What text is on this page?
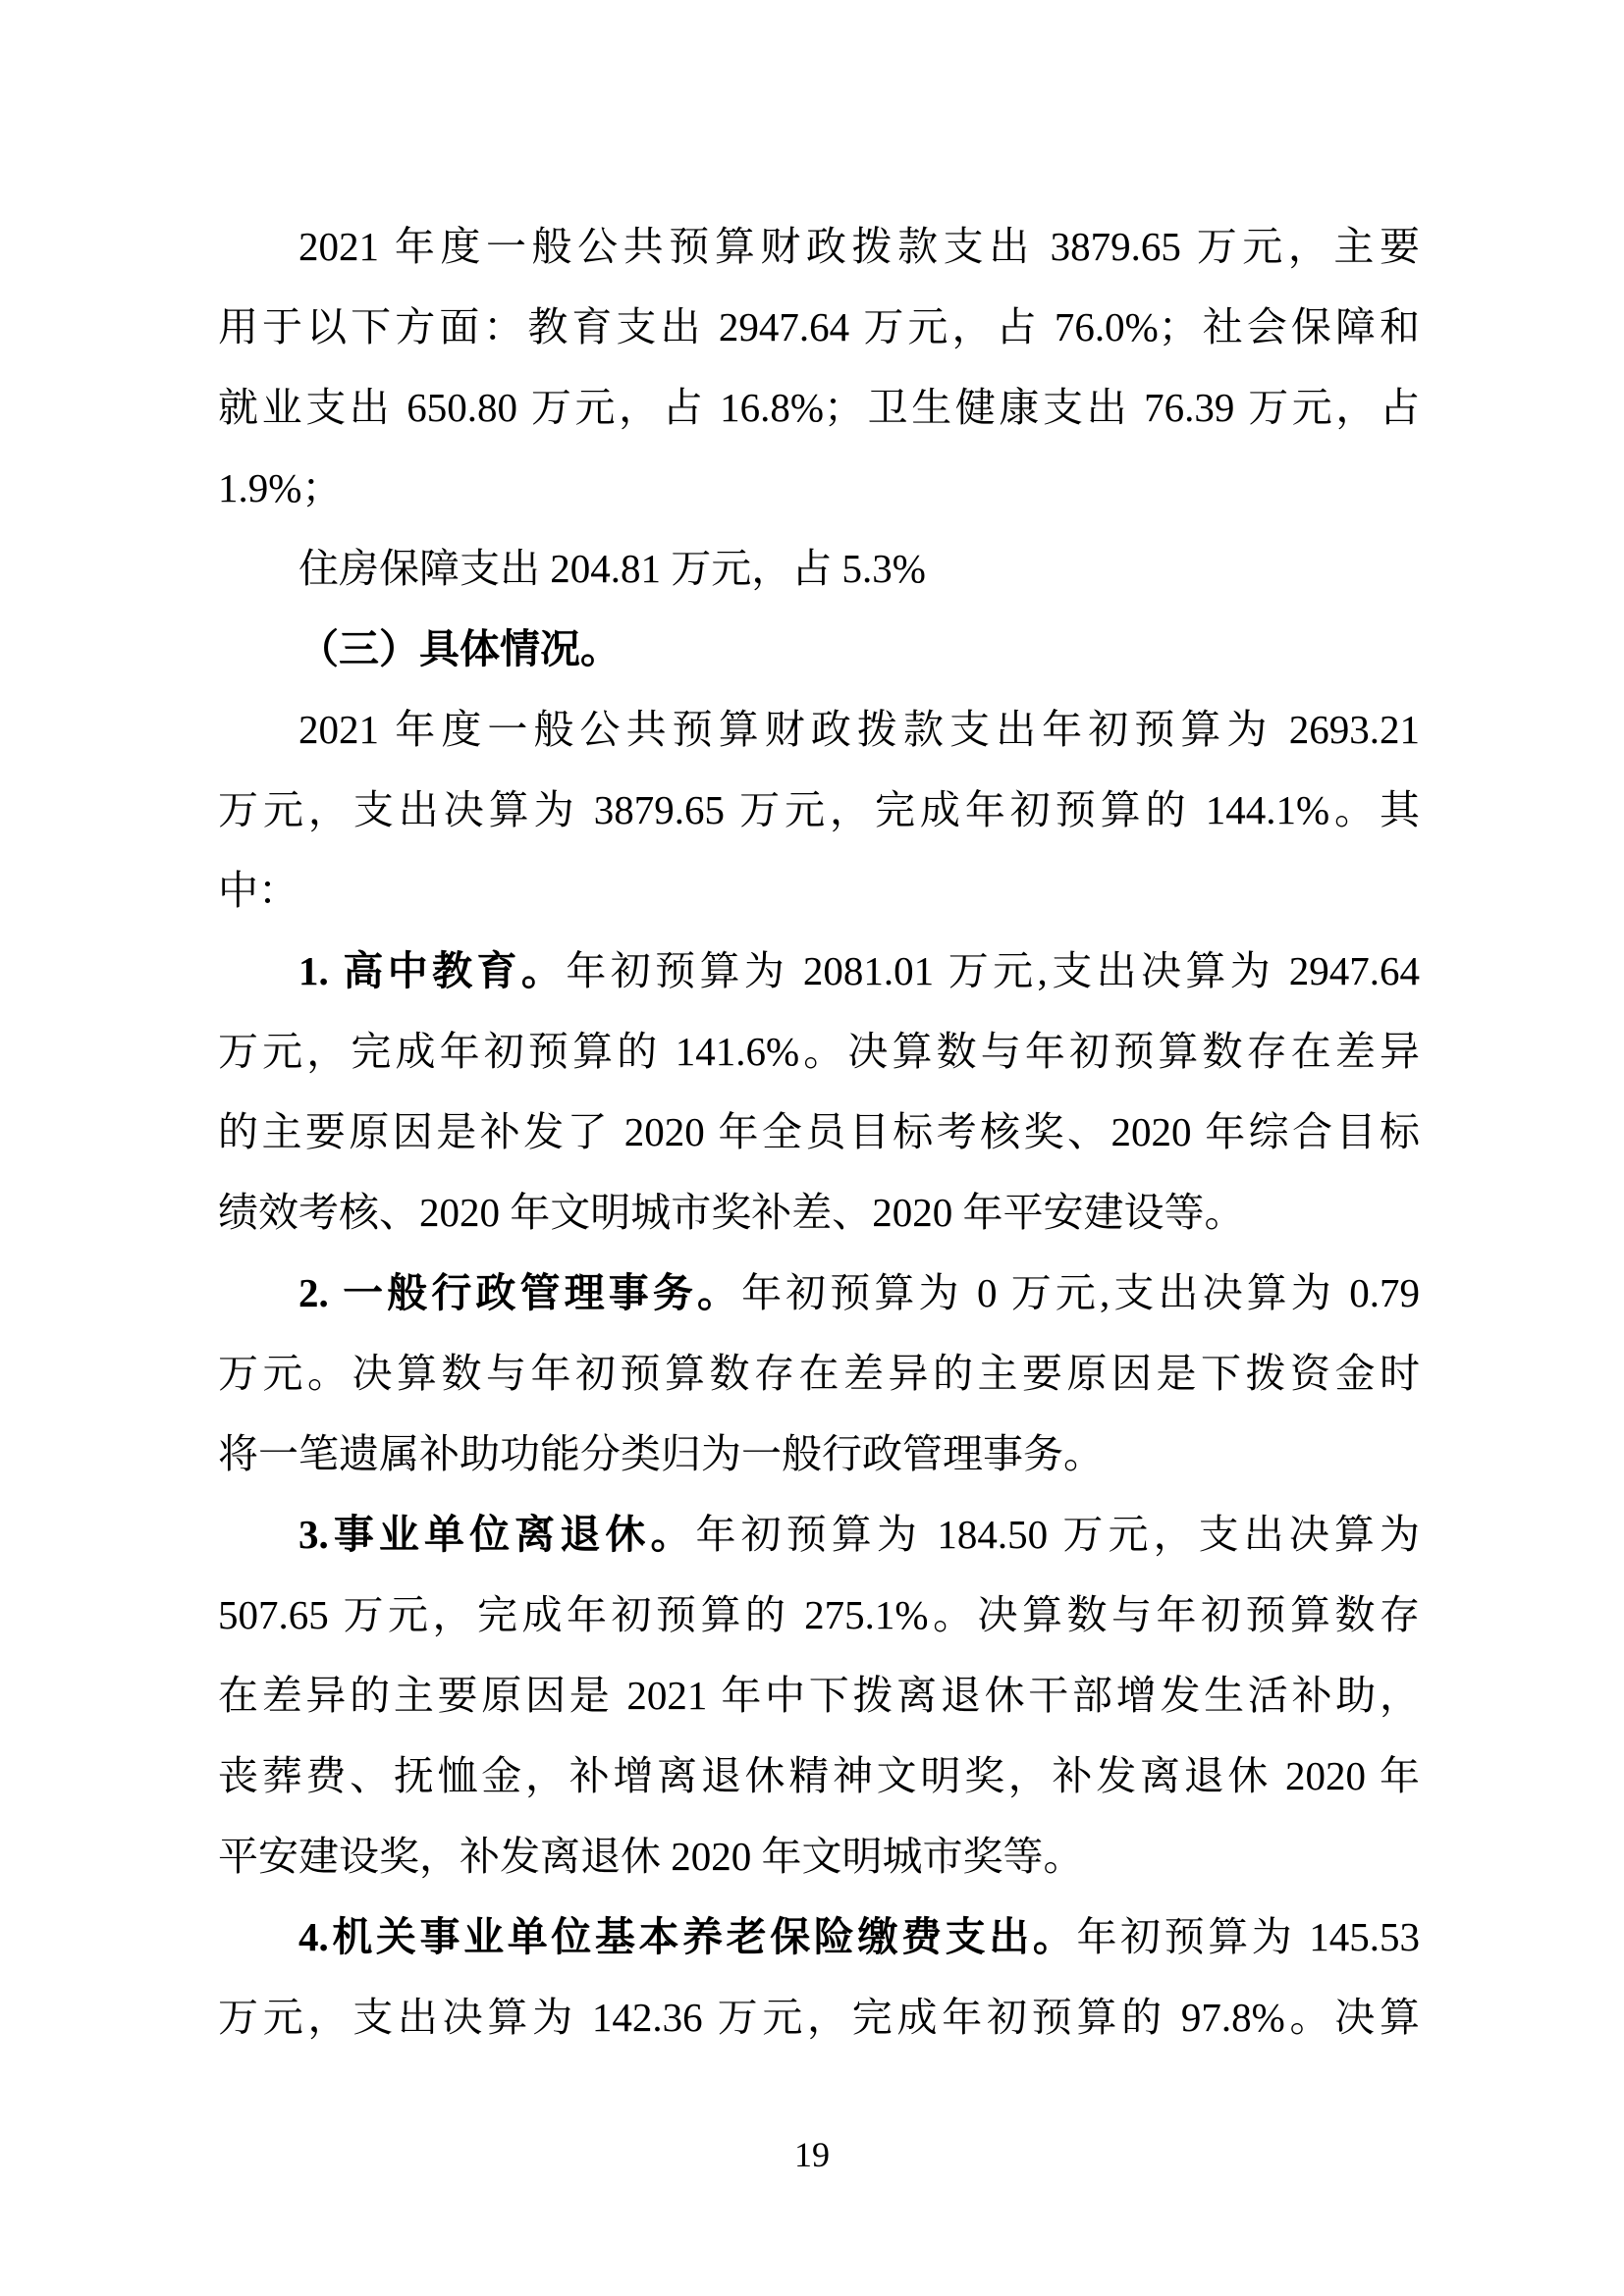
2021 年度一般公共预算财政拨款支出 3879.65 万元，主要
用于以下方面：教育支出 2947.64 万元，占 76.0%；社会保障和
就业支出 650.80 万元，占 16.8%；卫生健康支出 76.39 万元，占
1.9%；
住房保障支出 204.81 万元，占 5.3%
（三）具体情况。
2021 年度一般公共预算财政拨款支出年初预算为 2693.21
万元，支出决算为 3879.65 万元，完成年初预算的 144.1%。其
中：
1. 高中教育。年初预算为 2081.01 万元,支出决算为 2947.64
万元，完成年初预算的 141.6%。决算数与年初预算数存在差异
的主要原因是补发了 2020 年全员目标考核奖、2020 年综合目标
绩效考核、2020 年文明城市奖补差、2020 年平安建设等。
2. 一般行政管理事务。年初预算为 0 万元,支出决算为 0.79
万元。决算数与年初预算数存在差异的主要原因是下拨资金时
将一笔遗属补助功能分类归为一般行政管理事务。
3.事业单位离退休。年初预算为 184.50 万元，支出决算为
507.65 万元，完成年初预算的 275.1%。决算数与年初预算数存
在差异的主要原因是 2021 年中下拨离退休干部增发生活补助，
丧葬费、抚恤金，补增离退休精神文明奖，补发离退休 2020 年
平安建设奖，补发离退休 2020 年文明城市奖等。
4.机关事业单位基本养老保险缴费支出。年初预算为 145.53
万元，支出决算为 142.36 万元，完成年初预算的 97.8%。决算
19
